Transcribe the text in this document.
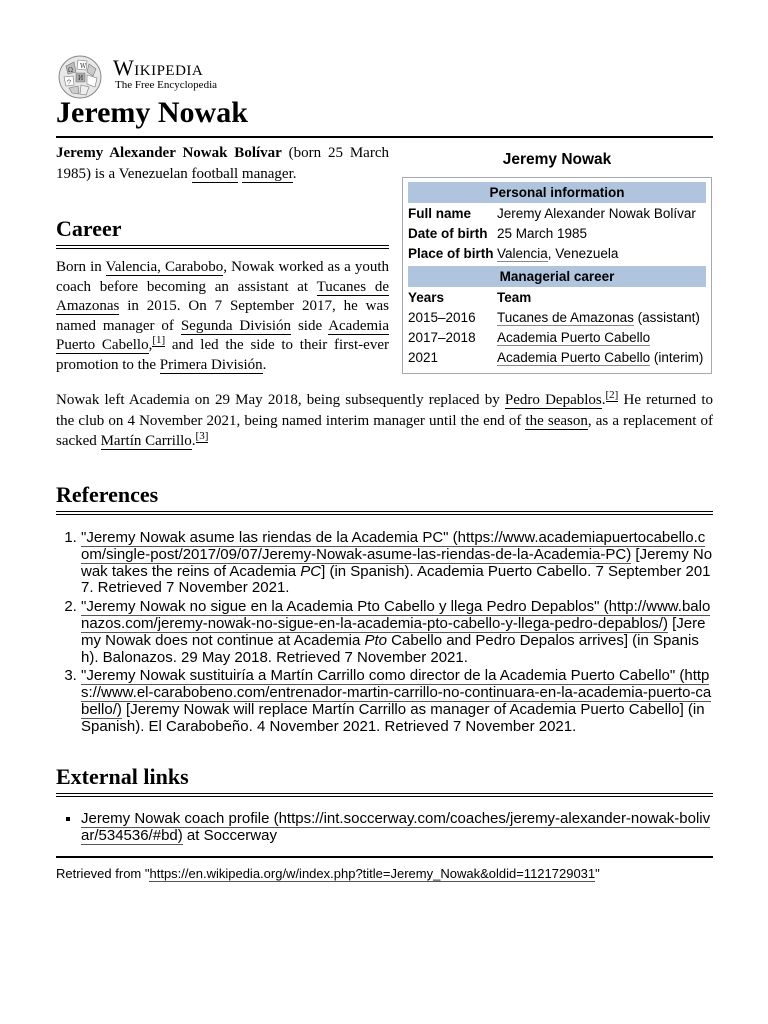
Ω
W
И
ウ
Wikipedia
The Free Encyclopedia
Jeremy Nowak
Jeremy Alexander Nowak Bolívar (born 25 March 1985) is a Venezuelan football manager.
Career
Born in Valencia, Carabobo, Nowak worked as a youth coach before becoming an assistant at Tucanes de Amazonas in 2015. On 7 September 2017, he was named manager of Segunda División side Academia Puerto Cabello,[1] and led the side to their first-ever promotion to the Primera División.
Nowak left Academia on 29 May 2018, being subsequently replaced by Pedro Depablos.[2] He returned to the club on 4 November 2021, being named interim manager until the end of the season, as a replacement of sacked Martín Carrillo.[3]
Jeremy Nowak
Personal information
Full name	Jeremy Alexander Nowak Bolívar
Date of birth 25 March 1985
Place of birth Valencia, Venezuela
Managerial career
Years	Team
2015–2016	Tucanes de Amazonas (assistant)
2017–2018	Academia Puerto Cabello
2021	Academia Puerto Cabello (interim)
References
1. "Jeremy Nowak asume las riendas de la Academia PC" (https://www.academiapuertocabello.com/single-post/2017/09/07/Jeremy-Nowak-asume-las-riendas-de-la-Academia-PC) [Jeremy Nowak takes the reins of Academia PC] (in Spanish). Academia Puerto Cabello. 7 September 2017. Retrieved 7 November 2021.
2. "Jeremy Nowak no sigue en la Academia Pto Cabello y llega Pedro Depablos" (http://www.balonazos.com/jeremy-nowak-no-sigue-en-la-academia-pto-cabello-y-llega-pedro-depablos/) [Jeremy Nowak does not continue at Academia Pto Cabello and Pedro Depalos arrives] (in Spanish). Balonazos. 29 May 2018. Retrieved 7 November 2021.
3. "Jeremy Nowak sustituiría a Martín Carrillo como director de la Academia Puerto Cabello" (https://www.el-carabobeno.com/entrenador-martin-carrillo-no-continuara-en-la-academia-puerto-cabello/) [Jeremy Nowak will replace Martín Carrillo as manager of Academia Puerto Cabello] (in Spanish). El Carabobeño. 4 November 2021. Retrieved 7 November 2021.
External links
▪ Jeremy Nowak coach profile (https://int.soccerway.com/coaches/jeremy-alexander-nowak-bolivar/534536/#bd) at Soccerway
Retrieved from "https://en.wikipedia.org/w/index.php?title=Jeremy_Nowak&oldid=1121729031"
